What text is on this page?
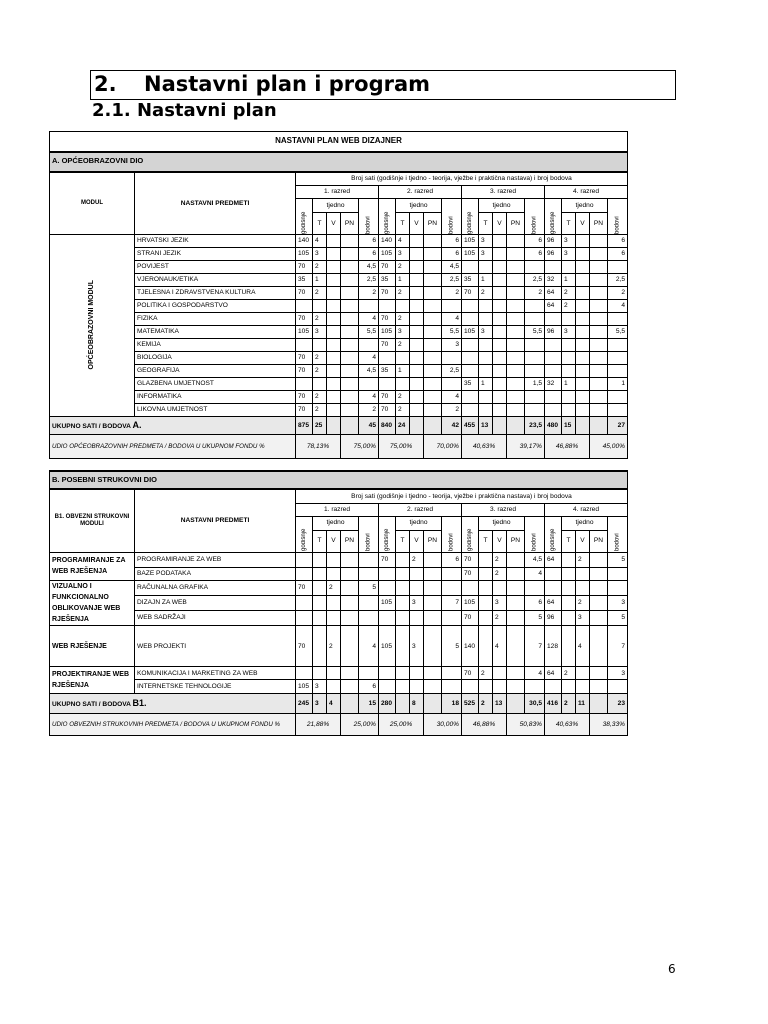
2. Nastavni plan i program
2.1. Nastavni plan
NASTAVNI PLAN WEB DIZAJNER																					
A. OPĆEOBRAZOVNI DIO																					
MODUL	NASTAVNI PREDMETI	Broj sati (godišnje i tjedno - teorija, vježbe i praktična nastava) i broj bodova																			
		1. razred					2. razred					3. razred					4. razred				
		godišnje	tjedno			bodovi	godišnje	tjedno			bodovi	godišnje	tjedno			bodovi	godišnje	tjedno			bodovi
			T	V	PN			T	V	PN			T	V	PN			T	V	PN	
OPĆEOBRAZOVNI MODUL	HRVATSKI JEZIK	140	4			6	140	4			6	105	3			6	96	3			6
	STRANI JEZIK	105	3			6	105	3			6	105	3			6	96	3			6
	POVIJEST	70	2			4,5	70	2			4,5										
	VJERONAUK/ETIKA	35	1			2,5	35	1			2,5	35	1			2,5	32	1			2,5
	TJELESNA I ZDRAVSTVENA KULTURA	70	2			2	70	2			2	70	2			2	64	2			2
	POLITIKA I GOSPODARSTVO																64	2			4
	FIZIKA	70	2			4	70	2			4										
	MATEMATIKA	105	3			5,5	105	3			5,5	105	3			5,5	96	3			5,5
	KEMIJA						70	2			3										
	BIOLOGIJA	70	2			4															
	GEOGRAFIJA	70	2			4,5	35	1			2,5										
	GLAZBENA UMJETNOST											35	1			1,5	32	1			1
	INFORMATIKA	70	2			4	70	2			4										
	LIKOVNA UMJETNOST	70	2			2	70	2			2										
UKUPNO SATI / BODOVA A.		875	25			45	840	24			42	455	13			23,5	480	15			27
UDIO OPĆEOBRAZOVNIH PREDMETA / BODOVA U UKUPNOM FONDU %		78,13%			75,00%		75,00%			70,00%		40,63%			39,17%		46,88%			45,00%	
B. POSEBNI STRUKOVNI DIO																					
B1. OBVEZNI STRUKOVNI MODULI	NASTAVNI PREDMETI	Broj sati (godišnje i tjedno - teorija, vježbe i praktična nastava) i broj bodova																			
		1. razred					2. razred					3. razred					4. razred				
		godišnje	tjedno			bodovi	godišnje	tjedno			bodovi	godišnje	tjedno			bodovi	godišnje	tjedno			bodovi
			T	V	PN			T	V	PN			T	V	PN			T	V	PN	
PROGRAMIRANJE ZA WEB RJEŠENJA	PROGRAMIRANJE ZA WEB						70		2		6	70		2		4,5	64		2		5
	BAZE PODATAKA											70		2		4					
VIZUALNO I FUNKCIONALNO OBLIKOVANJE WEB RJEŠENJA	RAČUNALNA GRAFIKA	70		2		5															
	DIZAJN ZA WEB						105		3		7	105		3		6	64		2		3
	WEB SADRŽAJI											70		2		5	96		3		5
WEB RJEŠENJE	WEB PROJEKTI	70		2		4	105		3		5	140		4		7	128		4		7
PROJEKTIRANJE WEB RJEŠENJA	KOMUNIKACIJA I MARKETING ZA WEB											70	2			4	64	2			3
	INTERNETSKE TEHNOLOGIJE	105	3			6															
UKUPNO SATI / BODOVA B1.		245	3	4		15	280		8		18	525	2	13		30,5	416	2	11		23
UDIO OBVEZNIH STRUKOVNIH PREDMETA / BODOVA U UKUPNOM FONDU %		21,88%			25,00%		25,00%			30,00%		46,88%			50,83%		40,63%			38,33%	
6
